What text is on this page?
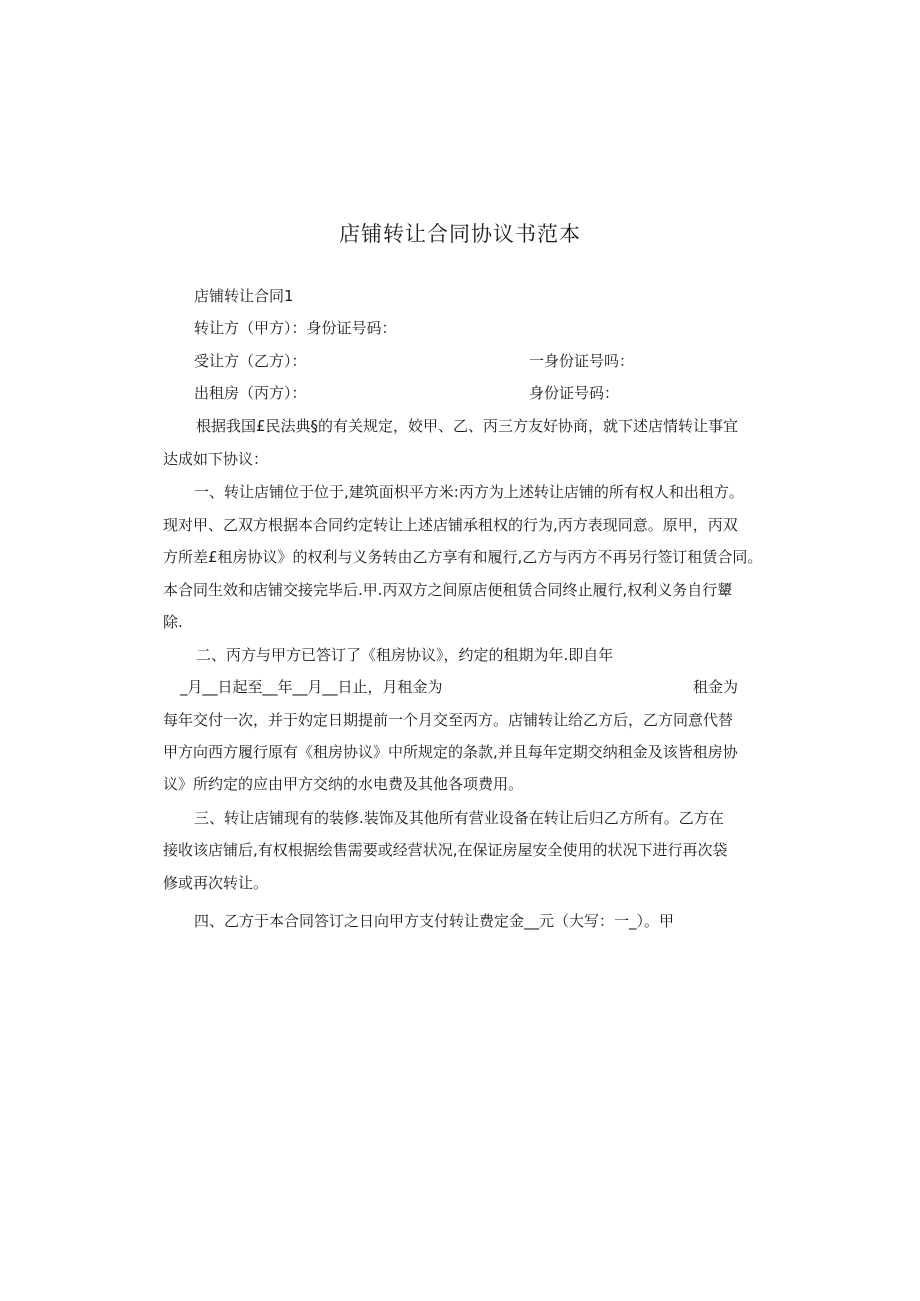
店铺转让合同协议书范本
店铺转让合同1
转让方（甲方）：身份证号码：
受让方（乙方）：	一身份证号吗：
出租房（丙方）：	身份证号码：
根据我国£民法典§的有关规定，姣甲、乙、丙三方友好协商，就下述店情转让事宜
达成如下协议：
一、转让店铺位于位于,建筑面枳平方米:丙方为上述转让店铺的所有权人和出租方。
现对甲、乙双方根据本合同约定转让上述店铺承租权的行为,丙方表现同意。原甲，丙双
方所差£租房协议》的权利与义务转由乙方享有和履行,乙方与丙方不再另行签订租赁合同。
本合同生效和店铺交接完毕后.甲.丙双方之间原店便租赁合同终止履行,权利义务自行顰
除.
二、丙方与甲方已答订了《租房协议》，约定的租期为年.即自年
_月__日起至__年__月__日止，月租金为	租金为
每年交付一次，并于妁定日期提前一个月交至丙方。店铺转让给乙方后，乙方同意代替
甲方向西方履行原有《租房协议》中所规定的条款,并且每年定期交纳租金及该皆租房协
议》所约定的应由甲方交纳的水电费及其他各项费用。
三、转让店铺现有的装修.装饰及其他所有营业设备在转让后归乙方所有。乙方在
接收该店铺后,有权根据绘售需要或经营状况,在保证房屋安全使用的状况下进行再次袋
修或再次转让。
四、乙方于本合同答订之日向甲方支付转让费定金__元（大写：一_）。甲
